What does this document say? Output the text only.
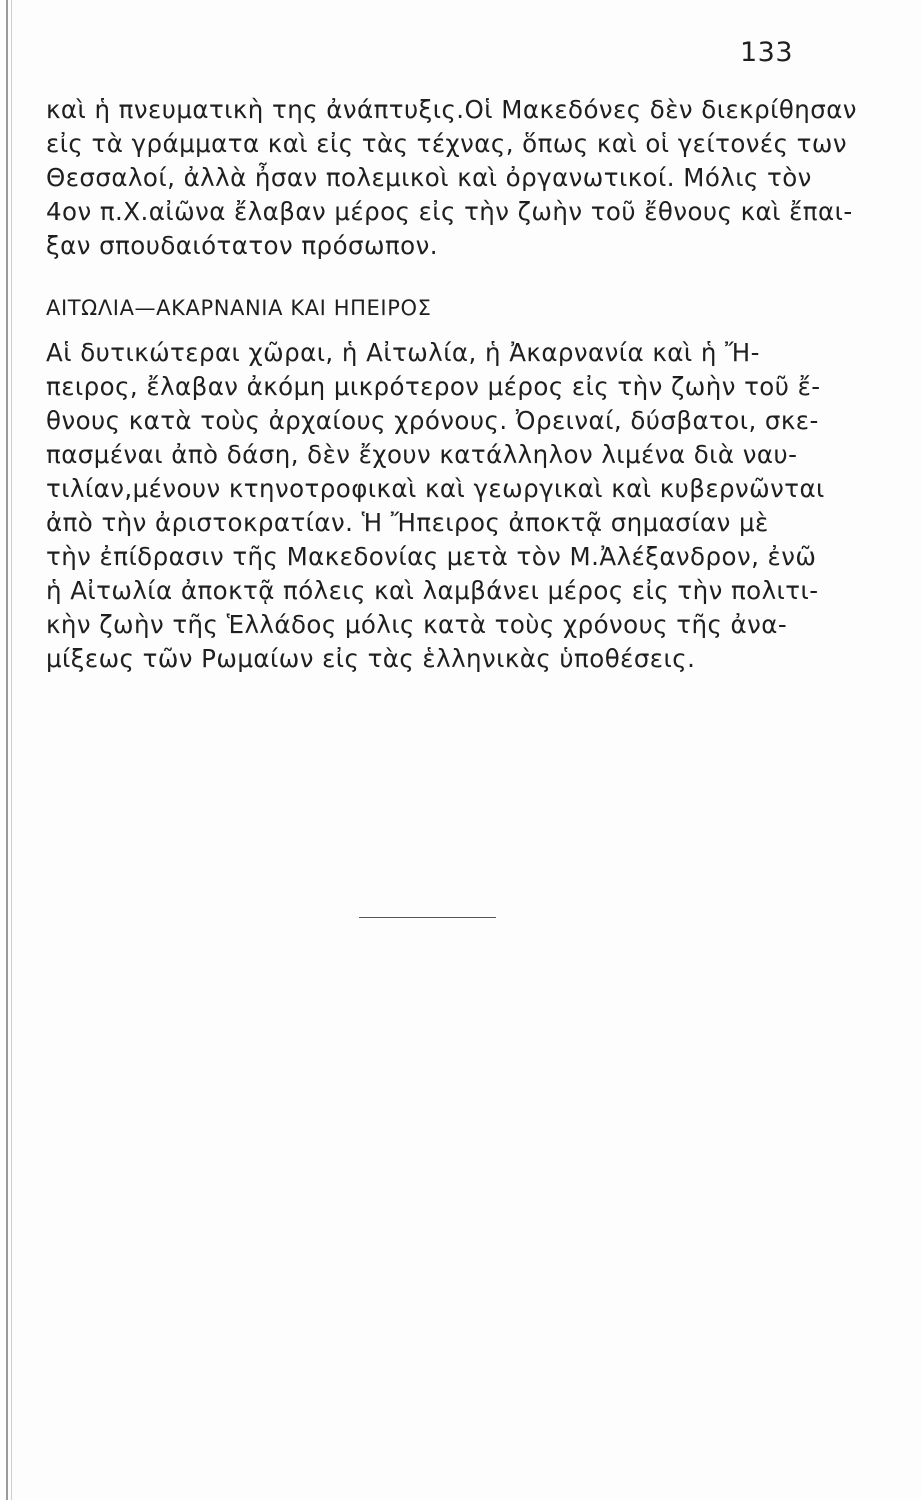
133
καὶ ἡ πνευματικὴ της ἀνάπτυξις.Οἱ Μακεδόνες δὲν διεκρίθησαν
εἰς τὰ γράμματα καὶ εἰς τὰς τέχνας, ὅπως καὶ οἱ γείτονές των
Θεσσαλοί, ἀλλὰ ἦσαν πολεμικοὶ καὶ ὀργανωτικοί. Μόλις τὸν
4ον π.Χ.αἰῶνα ἔλαβαν μέρος εἰς τὴν ζωὴν τοῦ ἔθνους καὶ ἔπαι-
ξαν σπουδαιότατον πρόσωπον.
ΑΙΤΩΛΙΑ—ΑΚΑΡΝΑΝΙΑ ΚΑΙ ΗΠΕΙΡΟΣ
Αἱ δυτικώτεραι χῶραι, ἡ Αἰτωλία, ἡ Ἀκαρνανία καὶ ἡ Ἤ-
πειρος, ἔλαβαν ἀκόμη μικρότερον μέρος εἰς τὴν ζωὴν τοῦ ἔ-
θνους κατὰ τοὺς ἀρχαίους χρόνους. Ὀρειναί, δύσβατοι, σκε-
πασμέναι ἀπὸ δάση, δὲν ἔχουν κατάλληλον λιμένα διὰ ναυ-
τιλίαν,μένουν κτηνοτροφικαὶ καὶ γεωργικαὶ καὶ κυβερνῶνται
ἀπὸ τὴν ἀριστοκρατίαν. Ἡ Ἤπειρος ἀποκτᾷ σημασίαν μὲ
τὴν ἐπίδρασιν τῆς Μακεδονίας μετὰ τὸν Μ.Ἀλέξανδρον, ἐνῶ
ἡ Αἰτωλία ἀποκτᾷ πόλεις καὶ λαμβάνει μέρος εἰς τὴν πολιτι-
κὴν ζωὴν τῆς Ἑλλάδος μόλις κατὰ τοὺς χρόνους τῆς ἀνα-
μίξεως τῶν Ρωμαίων εἰς τὰς ἑλληνικὰς ὑποθέσεις.
